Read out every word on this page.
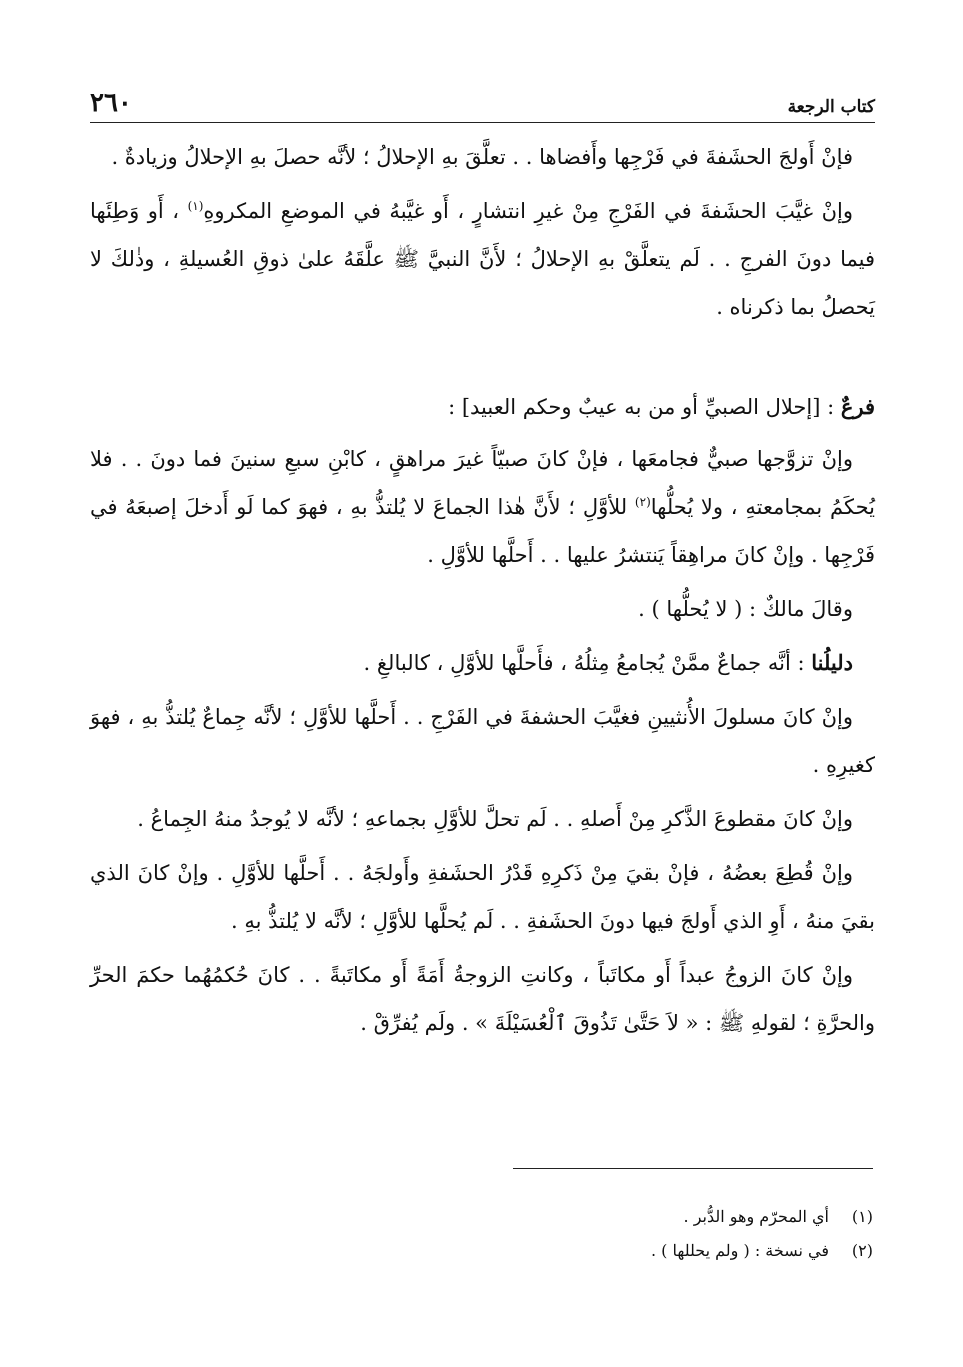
كتاب الرجعة
٢٦٠

فإنْ أَولجَ الحشَفةَ في فَرْجِها وأَفضاها . . تعلَّقَ بهِ الإحلالُ ؛ لأنَّه حصلَ بهِ الإحلالُ وزيادةٌ .

وإنْ غيَّبَ الحشَفةَ في الفَرْجِ مِنْ غيرِ انتشارٍ ، أَو غيَّبهُ في الموضعِ المكروهِ$^{(١)}$ ، أَو وَطِئَها فيما دونَ الفرجِ . . لَم يتعلَّقْ بهِ الإحلالُ ؛ لأَنَّ النبيَّ ﷺ علَّقَهُ علىٰ ذوقِ العُسيلةِ ، وذٰلكَ لا يَحصلُ بما ذكرناه .

فرعٌ : [إحلال الصبيِّ أو من به عيبٌ وحكم العبيد] :

وإنْ تزوَّجها صبيٌّ فجامعَها ، فإنْ كانَ صبيّاً غيرَ مراهقٍ ، كابْنِ سبعِ سنينَ فما دونَ . . فلا يُحكَمُ بمجامعتهِ ، ولا يُحلُّها$^{(٢)}$ للأوَّلِ ؛ لأَنَّ هٰذا الجماعَ لا يُلتذُّ بهِ ، فهوَ كما لَو أَدخلَ إصبعَهُ في فَرْجِها . وإنْ كانَ مراهِقاً يَنتشرُ عليها . . أَحلَّها للأوَّلِ .

وقالَ مالكٌ : ( لا يُحلُّها ) .

دليلُنا : أنَّه جماعٌ ممَّنْ يُجامعُ مِثلُهُ ، فأَحلَّها للأوَّلِ ، كالبالغِ .

وإنْ كانَ مسلولَ الأُنثيينِ فغيَّبَ الحشفةَ في الفَرْجِ . . أَحلَّها للأوَّلِ ؛ لأنَّه جِماعٌ يُلتذُّ بهِ ، فهوَ كغيرِهِ .

وإنْ كانَ مقطوعَ الذَّكرِ مِنْ أَصلهِ . . لَم تحلَّ للأوَّلِ بجماعهِ ؛ لأنَّه لا يُوجدُ منهُ الجِماعُ .

وإنْ قُطِعَ بعضُهُ ، فإنْ بقيَ مِنْ ذَكرِهِ قَدْرُ الحشَفةِ وأَولجَهُ . . أَحلَّها للأوَّلِ . وإنْ كانَ الذي بقيَ منهُ ، أَوِ الذي أَولجَ فيها دونَ الحشَفةِ . . لَم يُحلَّها للأوَّلِ ؛ لأنَّه لا يُلتذُّ بهِ .

وإنْ كانَ الزوجُ عبداً أَو مكاتَباً ، وكانتِ الزوجةُ أَمَةً أَو مكاتَبةً . . كانَ حُكمُهُما حكمَ الحرِّ والحرَّةِ ؛ لقولهِ ﷺ : « لاَ حَتَّىٰ تَذُوقَ ٱلْعُسَيْلَةَ » . ولَم يُفرِّقْ .

(١)
أي المحرّم وهو الدُّبر .
(٢)
في نسخة : ( ولم يحللها ) .
